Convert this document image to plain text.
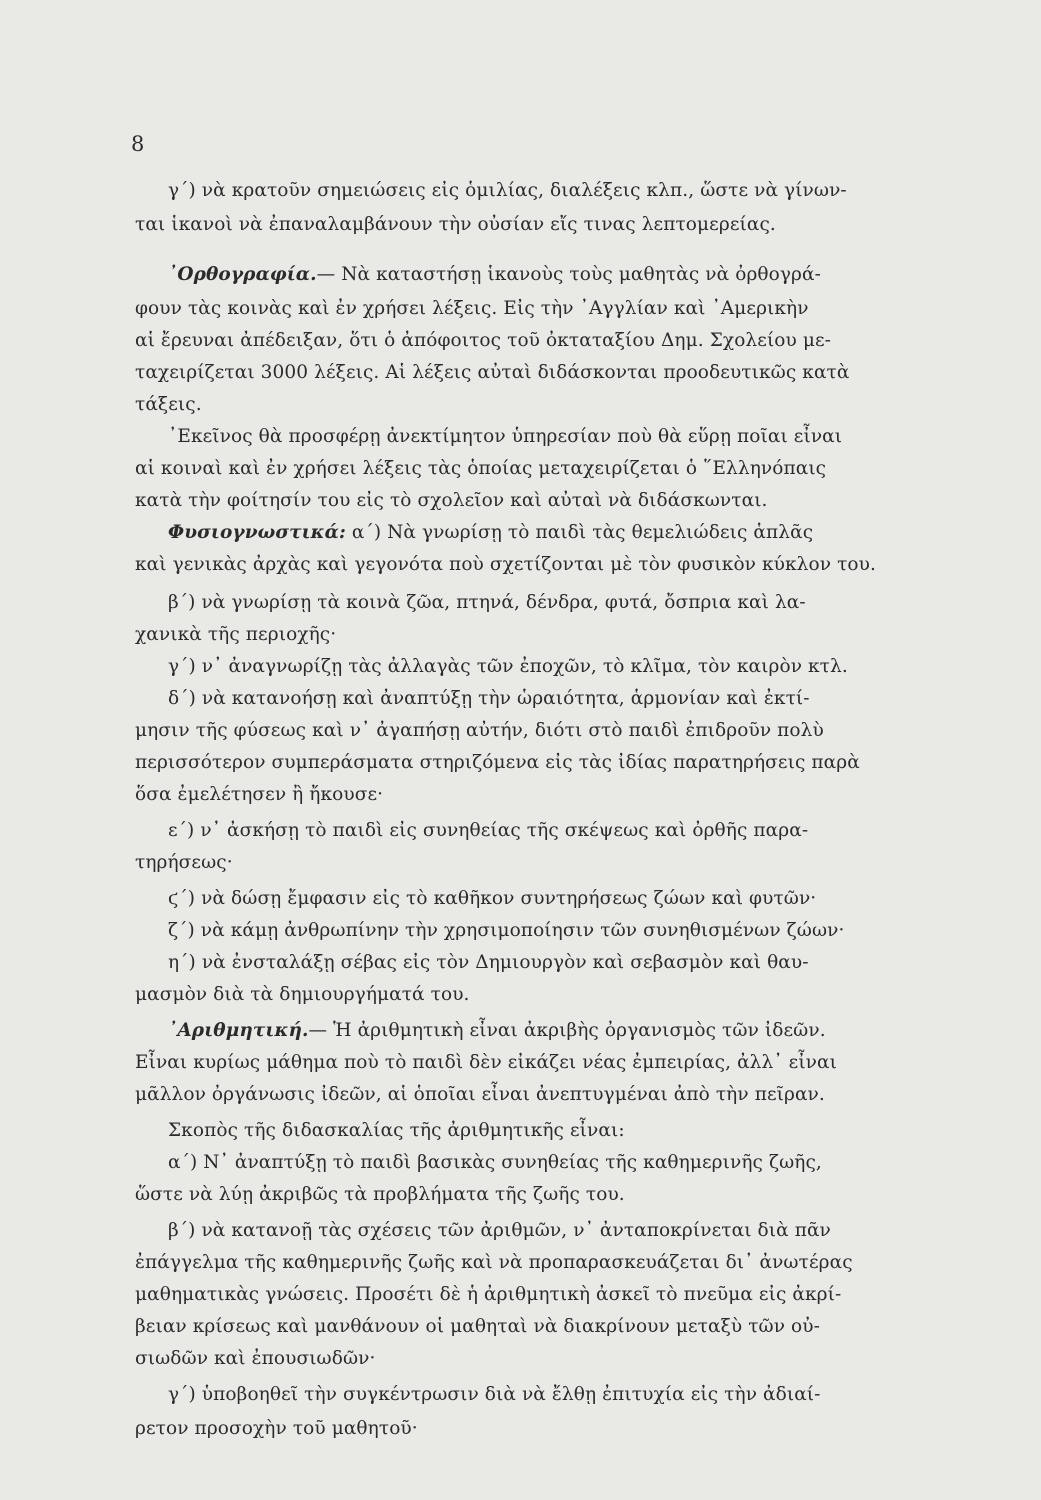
8
γ΄) νὰ κρατοῦν σημειώσεις εἰς ὁμιλίας, διαλέξεις κλπ., ὥστε νὰ γίνων-
ται ἱκανοὶ νὰ ἐπαναλαμβάνουν τὴν οὐσίαν εἴς τινας λεπτομερείας.
᾿Ορθογραφία.— Νὰ καταστήσῃ ἱκανοὺς τοὺς μαθητὰς νὰ ὀρθογρά-
φουν τὰς κοινὰς καὶ ἐν χρήσει λέξεις. Εἰς τὴν ᾿Αγγλίαν καὶ ᾿Αμερικὴν
αἱ ἔρευναι ἀπέδειξαν, ὅτι ὁ ἀπόφοιτος τοῦ ὀκταταξίου Δημ. Σχολείου με-
ταχειρίζεται 3000 λέξεις. Αἱ λέξεις αὐταὶ διδάσκονται προοδευτικῶς κατὰ
τάξεις.
᾿Εκεῖνος θὰ προσφέρῃ ἀνεκτίμητον ὑπηρεσίαν ποὺ θὰ εὕρῃ ποῖαι εἶναι
αἱ κοιναὶ καὶ ἐν χρήσει λέξεις τὰς ὁποίας μεταχειρίζεται ὁ ῞Ελληνόπαις
κατὰ τὴν φοίτησίν του εἰς τὸ σχολεῖον καὶ αὐταὶ νὰ διδάσκωνται.
Φυσιογνωστικά: α΄) Νὰ γνωρίσῃ τὸ παιδὶ τὰς θεμελιώδεις ἁπλᾶς
καὶ γενικὰς ἀρχὰς καὶ γεγονότα ποὺ σχετίζονται μὲ τὸν φυσικὸν κύκλον του.
β΄) νὰ γνωρίσῃ τὰ κοινὰ ζῶα, πτηνά, δένδρα, φυτά, ὄσπρια καὶ λα-
χανικὰ τῆς περιοχῆς·
γ΄) ν᾿ ἀναγνωρίζῃ τὰς ἀλλαγὰς τῶν ἐποχῶν, τὸ κλῖμα, τὸν καιρὸν κτλ.
δ΄) νὰ κατανοήσῃ καὶ ἀναπτύξῃ τὴν ὡραιότητα, ἁρμονίαν καὶ ἐκτί-
μησιν τῆς φύσεως καὶ ν᾿ ἀγαπήσῃ αὐτήν, διότι στὸ παιδὶ ἐπιδροῦν πολὺ
περισσότερον συμπεράσματα στηριζόμενα εἰς τὰς ἰδίας παρατηρήσεις παρὰ
ὅσα ἐμελέτησεν ἢ ἤκουσε·
ε΄) ν᾿ ἀσκήσῃ τὸ παιδὶ εἰς συνηθείας τῆς σκέψεως καὶ ὀρθῆς παρα-
τηρήσεως·
ϛ΄) νὰ δώσῃ ἔμφασιν εἰς τὸ καθῆκον συντηρήσεως ζώων καὶ φυτῶν·
ζ΄) νὰ κάμῃ ἀνθρωπίνην τὴν χρησιμοποίησιν τῶν συνηθισμένων ζώων·
η΄) νὰ ἐνσταλάξῃ σέβας εἰς τὸν Δημιουργὸν καὶ σεβασμὸν καὶ θαυ-
μασμὸν διὰ τὰ δημιουργήματά του.
᾿Αριθμητική.— Ἡ ἀριθμητικὴ εἶναι ἀκριβὴς ὀργανισμὸς τῶν ἰδεῶν.
Εἶναι κυρίως μάθημα ποὺ τὸ παιδὶ δὲν εἰκάζει νέας ἐμπειρίας, ἀλλ᾿ εἶναι
μᾶλλον ὀργάνωσις ἰδεῶν, αἱ ὁποῖαι εἶναι ἀνεπτυγμέναι ἀπὸ τὴν πεῖραν.
Σκοπὸς τῆς διδασκαλίας τῆς ἀριθμητικῆς εἶναι:
α΄) Ν᾿ ἀναπτύξῃ τὸ παιδὶ βασικὰς συνηθείας τῆς καθημερινῆς ζωῆς,
ὥστε νὰ λύῃ ἀκριβῶς τὰ προβλήματα τῆς ζωῆς του.
β΄) νὰ κατανοῇ τὰς σχέσεις τῶν ἀριθμῶν, ν᾿ ἀνταποκρίνεται διὰ πᾶν
ἐπάγγελμα τῆς καθημερινῆς ζωῆς καὶ νὰ προπαρασκευάζεται δι᾿ ἀνωτέρας
μαθηματικὰς γνώσεις. Προσέτι δὲ ἡ ἀριθμητικὴ ἀσκεῖ τὸ πνεῦμα εἰς ἀκρί-
βειαν κρίσεως καὶ μανθάνουν οἱ μαθηταὶ νὰ διακρίνουν μεταξὺ τῶν οὐ-
σιωδῶν καὶ ἐπουσιωδῶν·
γ΄) ὑποβοηθεῖ τὴν συγκέντρωσιν διὰ νὰ ἔλθῃ ἐπιτυχία εἰς τὴν ἀδιαί-
ρετον προσοχὴν τοῦ μαθητοῦ·
